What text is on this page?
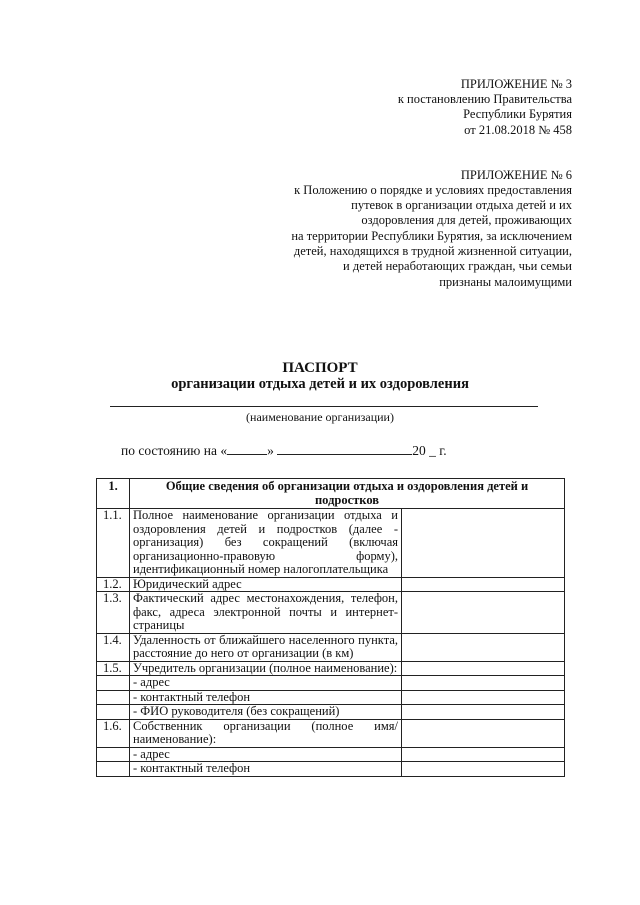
ПРИЛОЖЕНИЕ № 3
к постановлению Правительства
Республики Бурятия
от 21.08.2018 № 458
ПРИЛОЖЕНИЕ № 6
к Положению о порядке и условиях предоставления
путевок в организации отдыха детей и их
оздоровления для детей, проживающих
на территории Республики Бурятия, за исключением
детей, находящихся в трудной жизненной ситуации,
и детей неработающих граждан, чьи семьи
признаны малоимущими
ПАСПОРТ
организации отдыха детей и их оздоровления
(наименование организации)
по состоянию на «	»	20 _ г.
1.	Общие сведения об организации отдыха и оздоровления детей и подростков	
1.1.	Полное наименование организации отдыха и оздоровления детей и подростков (далее - организация) без сокращений (включая организационно-правовую форму), идентификационный номер налогоплательщика	
1.2.	Юридический адрес	
1.3.	Фактический адрес местонахождения, телефон, факс, адреса электронной почты и интернет-страницы	
1.4.	Удаленность от ближайшего населенного пункта, расстояние до него от организации (в км)	
1.5.	Учредитель организации (полное наименование):	
	- адрес	
	- контактный телефон	
	- ФИО руководителя (без сокращений)	
1.6.	Собственник организации (полное имя/наименование):	
	- адрес	
	- контактный телефон	
